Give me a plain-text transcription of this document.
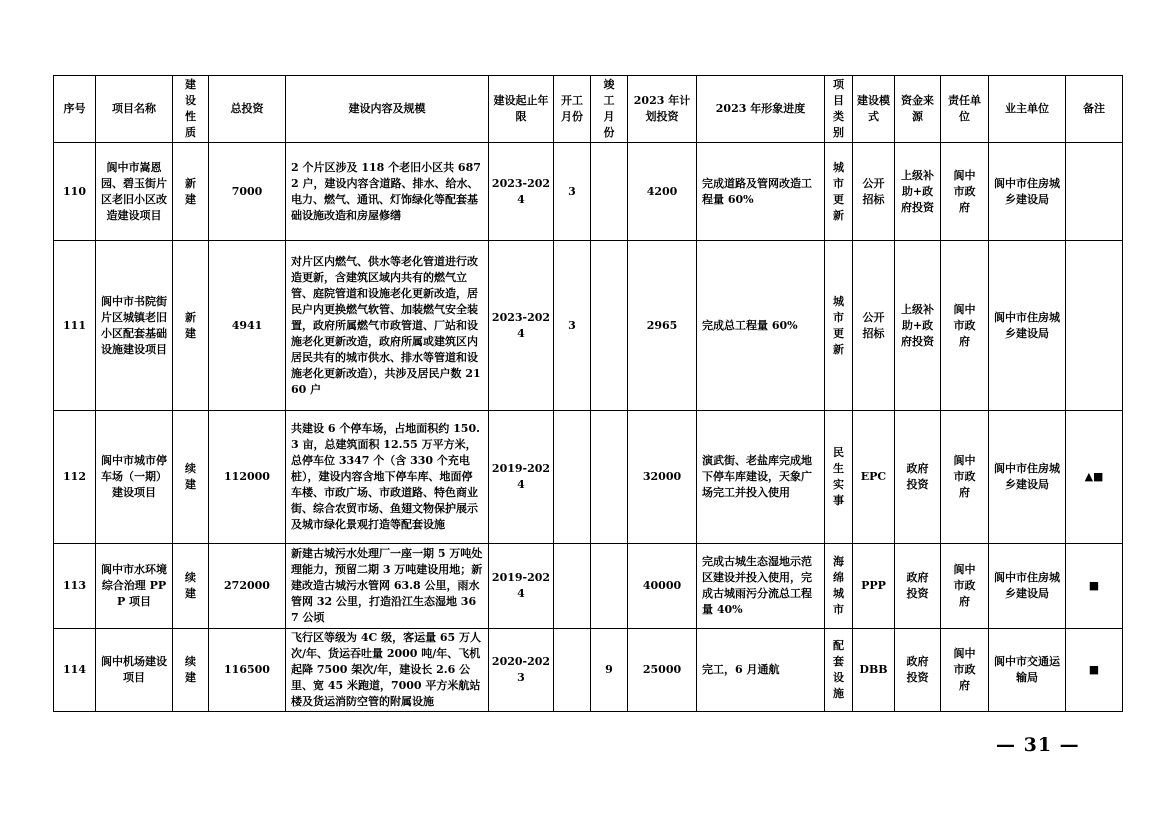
序号	项目名称	建设性质	总投资	建设内容及规模	建设起止年限	开工月份	竣工月份	2023 年计划投资	2023 年形象进度	项目类别	建设模式	资金来源	责任单位	业主单位	备注
110	阆中市嵩恩园、碧玉街片区老旧小区改造建设项目	新建	7000	2 个片区涉及 118 个老旧小区共 6872 户，建设内容含道路、排水、给水、电力、燃气、通讯、灯饰绿化等配套基础设施改造和房屋修缮	2023-2024	3		4200	完成道路及管网改造工程量 60%	城市更新	公开招标	上级补助+政府投资	阆中市政府	阆中市住房城乡建设局	
111	阆中市书院街片区城镇老旧小区配套基础设施建设项目	新建	4941	对片区内燃气、供水等老化管道进行改造更新，含建筑区域内共有的燃气立管、庭院管道和设施老化更新改造，居民户内更换燃气软管、加装燃气安全装置，政府所属燃气市政管道、厂站和设施老化更新改造，政府所属或建筑区内居民共有的城市供水、排水等管道和设施老化更新改造），共涉及居民户数 2160 户	2023-2024	3		2965	完成总工程量 60%	城市更新	公开招标	上级补助+政府投资	阆中市政府	阆中市住房城乡建设局	
112	阆中市城市停车场（一期）建设项目	续建	112000	共建设 6 个停车场，占地面积约 150.3 亩，总建筑面积 12.55 万平方米，总停车位 3347 个（含 330 个充电桩），建设内容含地下停车库、地面停车楼、市政广场、市政道路、特色商业街、综合农贸市场、鱼翅文物保护展示及城市绿化景观打造等配套设施	2019-2024			32000	演武街、老盐库完成地下停车库建设，天象广场完工并投入使用	民生实事	EPC	政府投资	阆中市政府	阆中市住房城乡建设局	▲■
113	阆中市水环境综合治理 PPP 项目	续建	272000	新建古城污水处理厂一座一期 5 万吨处理能力，预留二期 3 万吨建设用地；新建改造古城污水管网 63.8 公里，雨水管网 32 公里，打造沿江生态湿地 367 公顷	2019-2024			40000	完成古城生态湿地示范区建设并投入使用，完成古城雨污分流总工程量 40%	海绵城市	PPP	政府投资	阆中市政府	阆中市住房城乡建设局	■
114	阆中机场建设项目	续建	116500	飞行区等级为 4C 级，客运量 65 万人次/年、货运吞吐量 2000 吨/年、飞机起降 7500 架次/年，建设长 2.6 公里、宽 45 米跑道，7000 平方米航站楼及货运消防空管的附属设施	2020-2023		9	25000	完工，6 月通航	配套设施	DBB	政府投资	阆中市政府	阆中市交通运输局	■
— 31 —
